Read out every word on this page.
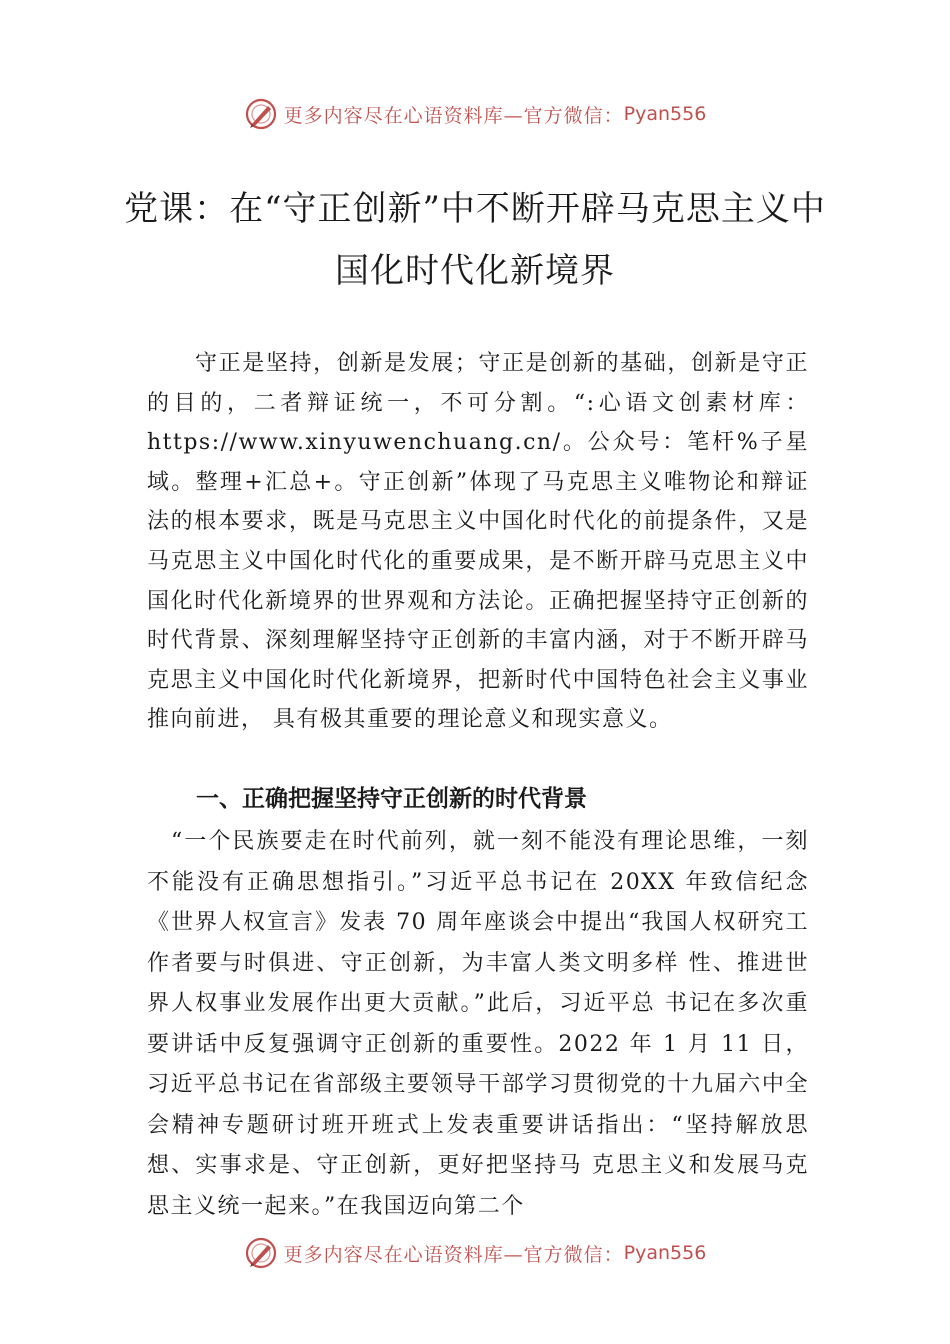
更多内容尽在心语资料库—官方微信： Pyan556
党课：在“守正创新”中不断开辟马克思主义中国化时代化新境界

守正是坚持，创新是发展；守正是创新的基础，创新是守正的目的，二者辩证统一，不可分割。“:心语文创素材库：https://www.xinyuwenchuang.cn/。公众号：笔杆%子星域。整理+汇总+。守正创新”体现了马克思主义唯物论和辩证法的根本要求，既是马克思主义中国化时代化的前提条件，又是马克思主义中国化时代化的重要成果，是不断开辟马克思主义中国化时代化新境界的世界观和方法论。正确把握坚持守正创新的时代背景、深刻理解坚持守正创新的丰富内涵，对于不断开辟马克思主义中国化时代化新境界，把新时代中国特色社会主义事业推向前进， 具有极其重要的理论意义和现实意义。

一、正确把握坚持守正创新的时代背景

“一个民族要走在时代前列，就一刻不能没有理论思维，一刻不能没有正确思想指引。”习近平总书记在 20XX 年致信纪念《世界人权宣言》发表 70 周年座谈会中提出“我国人权研究工作者要与时俱进、守正创新，为丰富人类文明多样 性、推进世界人权事业发展作出更大贡献。”此后，习近平总 书记在多次重要讲话中反复强调守正创新的重要性。2022 年 1 月 11 日，习近平总书记在省部级主要领导干部学习贯彻党的十九届六中全会精神专题研讨班开班式上发表重要讲话指出：“坚持解放思想、实事求是、守正创新，更好把坚持马 克思主义和发展马克思主义统一起来。”在我国迈向第二个

更多内容尽在心语资料库—官方微信： Pyan556
